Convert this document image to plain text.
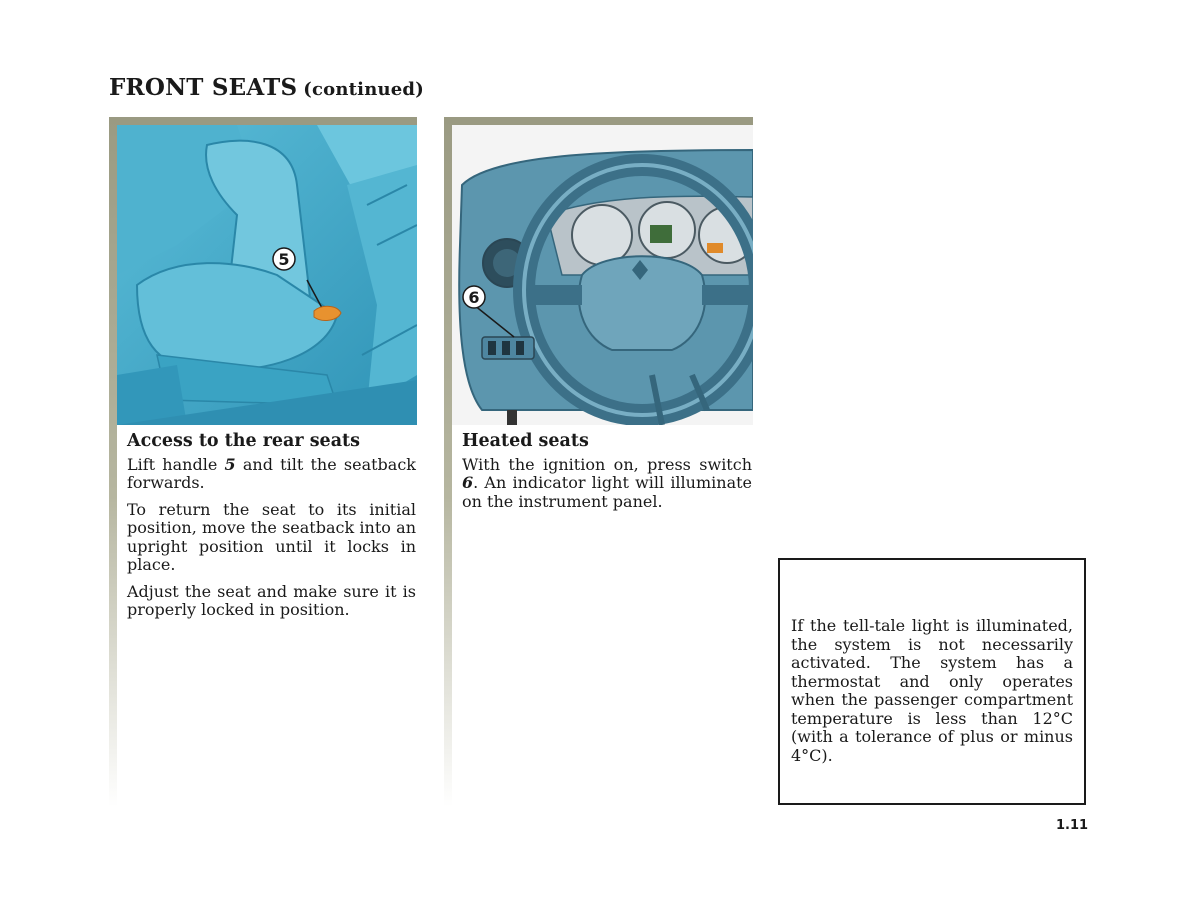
FRONT SEATS (continued)
5
6
Access to the rear seats

Lift handle 5 and tilt the seatback forwards.

To return the seat to its initial position, move the seatback into an upright position until it locks in place.

Adjust the seat and make sure it is properly locked in position.

Heated seats

With the ignition on, press switch 6. An indicator light will illuminate on the instrument panel.

If the tell-tale light is illuminated, the system is not necessarily activated. The system has a thermostat and only operates when the passenger compartment temperature is less than 12°C (with a tolerance of plus or minus 4°C).

1.11
